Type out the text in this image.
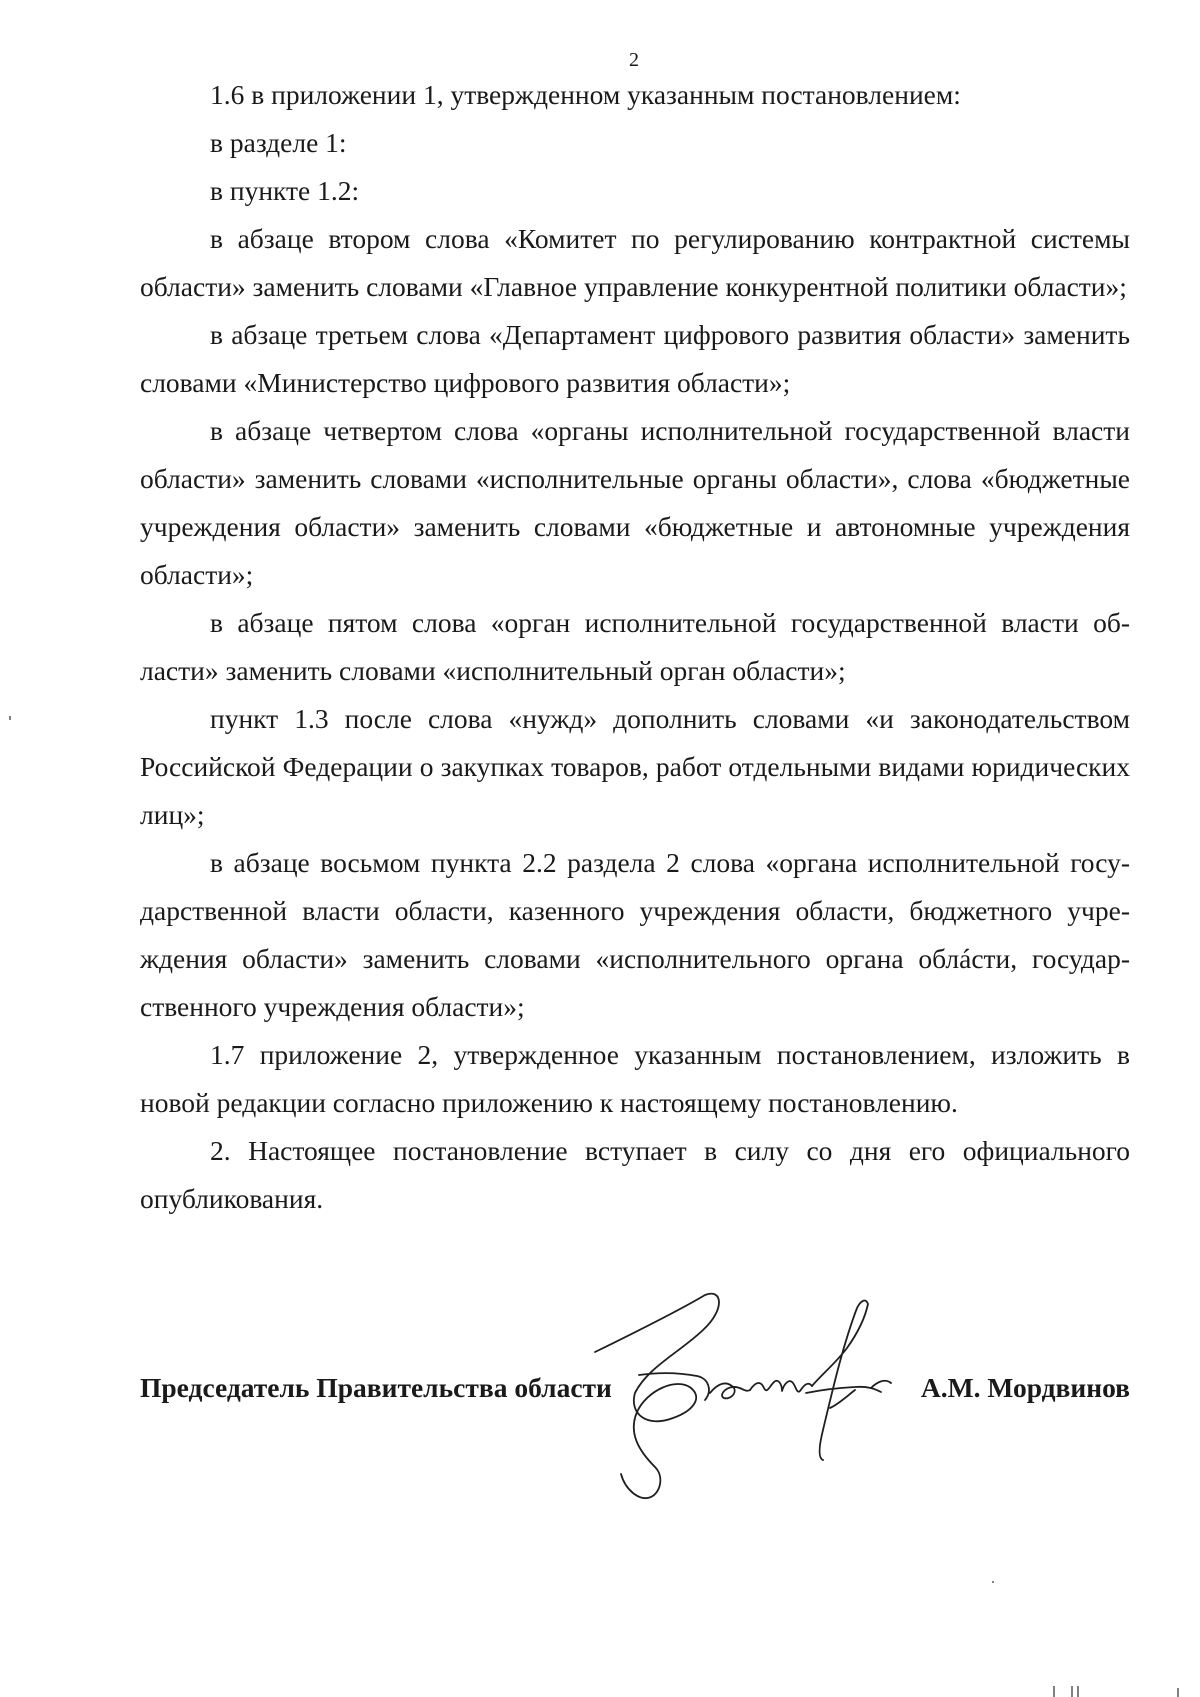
2

1.6 в приложении 1, утвержденном указанным постановлением:

в разделе 1:

в пункте 1.2:

в абзаце втором слова «Комитет по регулированию контрактной системы области» заменить словами «Главное управление конкурентной политики области»;

в абзаце третьем слова «Департамент цифрового развития области» заменить словами «Министерство цифрового развития области»;

в абзаце четвертом слова «органы исполнительной государственной власти области» заменить словами «исполнительные органы области», слова «бюджетные учреждения области» заменить словами «бюджетные и автономные учреждения области»;

в абзаце пятом слова «орган исполнительной государственной власти области» заменить словами «исполнительный орган области»;

пункт 1.3 после слова «нужд» дополнить словами «и законодательством Российской Федерации о закупках товаров, работ отдельными видами юридических лиц»;

в абзаце восьмом пункта 2.2 раздела 2 слова «органа исполнительной государственной власти области, казенного учреждения области, бюджетного учреждения области» заменить словами «исполнительного органа облáсти, государственного учреждения области»;

1.7 приложение 2, утвержденное указанным постановлением, изложить в новой редакции согласно приложению к настоящему постановлению.

2. Настоящее постановление вступает в силу со дня его официального опубликования.

Председатель Правительства области	А.М. Мордвинов
